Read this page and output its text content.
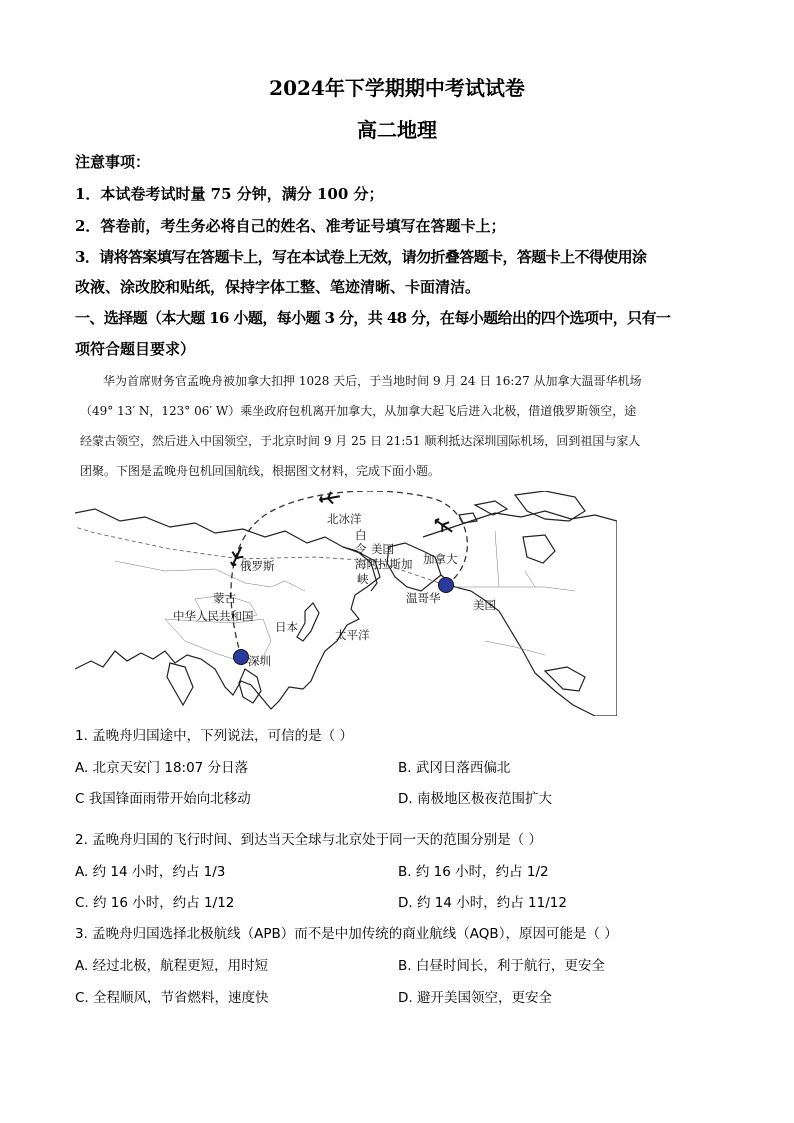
2024年下学期期中考试试卷
高二地理
注意事项：
1．本试卷考试时量 75 分钟，满分 100 分；
2．答卷前，考生务必将自己的姓名、准考证号填写在答题卡上；
3．请将答案填写在答题卡上，写在本试卷上无效，请勿折叠答题卡，答题卡上不得使用涂
改液、涂改胶和贴纸，保持字体工整、笔迹清晰、卡面清洁。
一、选择题（本大题 16 小题，每小题 3 分，共 48 分，在每小题给出的四个选项中，只有一
项符合题目要求）
华为首席财务官孟晚舟被加拿大扣押 1028 天后，于当地时间 9 月 24 日 16:27 从加拿大温哥华机场
（49° 13′ N，123° 06′ W）乘坐政府包机离开加拿大，从加拿大起飞后进入北极，借道俄罗斯领空，途
经蒙古领空，然后进入中国领空，于北京时间 9 月 25 日 21:51 顺利抵达深圳国际机场，回到祖国与家人
团聚。下图是孟晚舟包机回国航线，根据图文材料，完成下面小题。
北冰洋
白
令 美国
海阿拉斯加
峡
加拿大
温哥华	美国
俄罗斯
蒙古
中华人民共和国
日本
太平洋
深圳
1. 孟晚舟归国途中，下列说法，可信的是（ ）
A. 北京天安门 18:07 分日落	B. 武冈日落西偏北
C 我国锋面雨带开始向北移动	D. 南极地区极夜范围扩大
2. 孟晚舟归国的飞行时间、到达当天全球与北京处于同一天的范围分别是（ ）
A. 约 14 小时，约占 1/3	B. 约 16 小时，约占 1/2
C. 约 16 小时，约占 1/12	D. 约 14 小时，约占 11/12
3. 孟晚舟归国选择北极航线（APB）而不是中加传统的商业航线（AQB），原因可能是（ ）
A. 经过北极，航程更短，用时短	B. 白昼时间长，利于航行，更安全
C. 全程顺风，节省燃料，速度快	D. 避开美国领空，更安全
